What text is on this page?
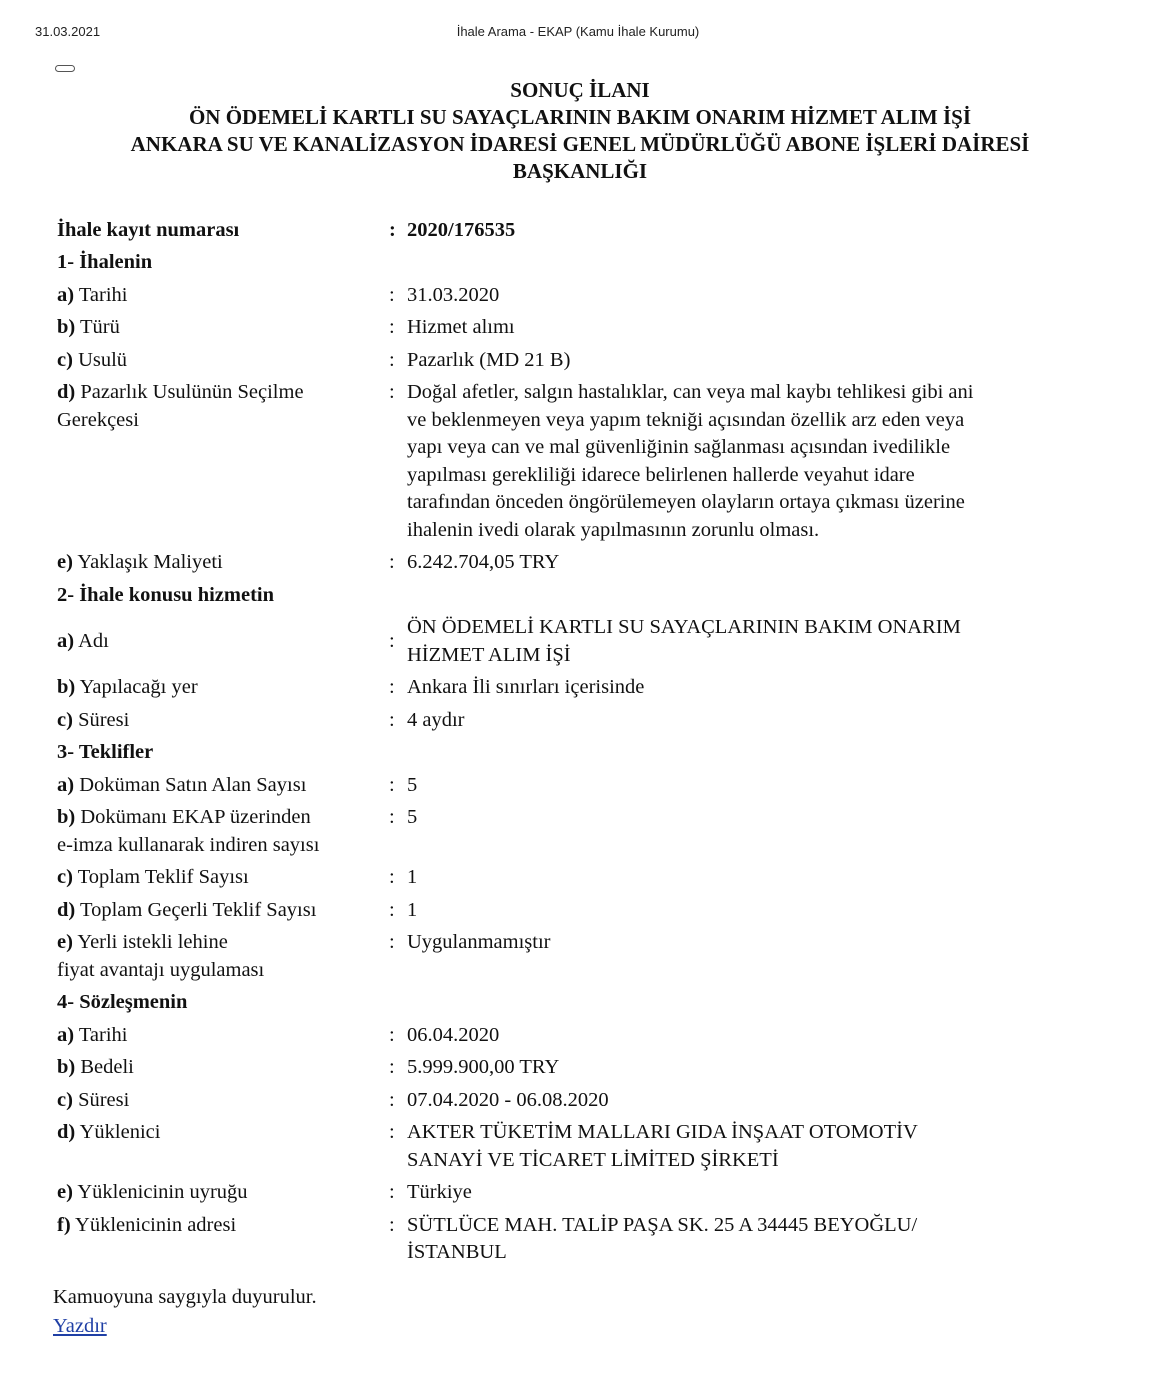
31.03.2021	İhale Arama - EKAP (Kamu İhale Kurumu)
SONUÇ İLANI
ÖN ÖDEMELİ KARTLI SU SAYAÇLARININ BAKIM ONARIM HİZMET ALIM İŞİ
ANKARA SU VE KANALİZASYON İDARESİ GENEL MÜDÜRLÜĞÜ ABONE İŞLERİ DAİRESİ
BAŞKANLIĞI
İhale kayıt numarası	: 2020/176535
1- İhalenin
a) Tarihi	: 31.03.2020
b) Türü	: Hizmet alımı
c) Usulü	: Pazarlık (MD 21 B)
d) Pazarlık Usulünün Seçilme
Gerekçesi
: Doğal afetler, salgın hastalıklar, can veya mal kaybı tehlikesi gibi ani
ve beklenmeyen veya yapım tekniği açısından özellik arz eden veya
yapı veya can ve mal güvenliğinin sağlanması açısından ivedilikle
yapılması gerekliliği idarece belirlenen hallerde veyahut idare
tarafından önceden öngörülemeyen olayların ortaya çıkması üzerine
ihalenin ivedi olarak yapılmasının zorunlu olması.
e) Yaklaşık Maliyeti	: 6.242.704,05 TRY
2- İhale konusu hizmetin
a) Adı	:
ÖN ÖDEMELİ KARTLI SU SAYAÇLARININ BAKIM ONARIM
HİZMET ALIM İŞİ
b) Yapılacağı yer	: Ankara İli sınırları içerisinde
c) Süresi	: 4 aydır
3- Teklifler
a) Doküman Satın Alan Sayısı	: 5
b) Dokümanı EKAP üzerinden
e-imza kullanarak indiren sayısı
: 5
c) Toplam Teklif Sayısı	: 1
d) Toplam Geçerli Teklif Sayısı	: 1
e) Yerli istekli lehine
fiyat avantajı uygulaması
: Uygulanmamıştır
4- Sözleşmenin
a) Tarihi	: 06.04.2020
b) Bedeli	: 5.999.900,00 TRY
c) Süresi	: 07.04.2020 - 06.08.2020
d) Yüklenici	: AKTER TÜKETİM MALLARI GIDA İNŞAAT OTOMOTİV
SANAYİ VE TİCARET LİMİTED ŞİRKETİ
e) Yüklenicinin uyruğu	: Türkiye
f) Yüklenicinin adresi	: SÜTLÜCE MAH. TALİP PAŞA SK. 25 A 34445 BEYOĞLU/
İSTANBUL
Kamuoyuna saygıyla duyurulur.
Yazdır
